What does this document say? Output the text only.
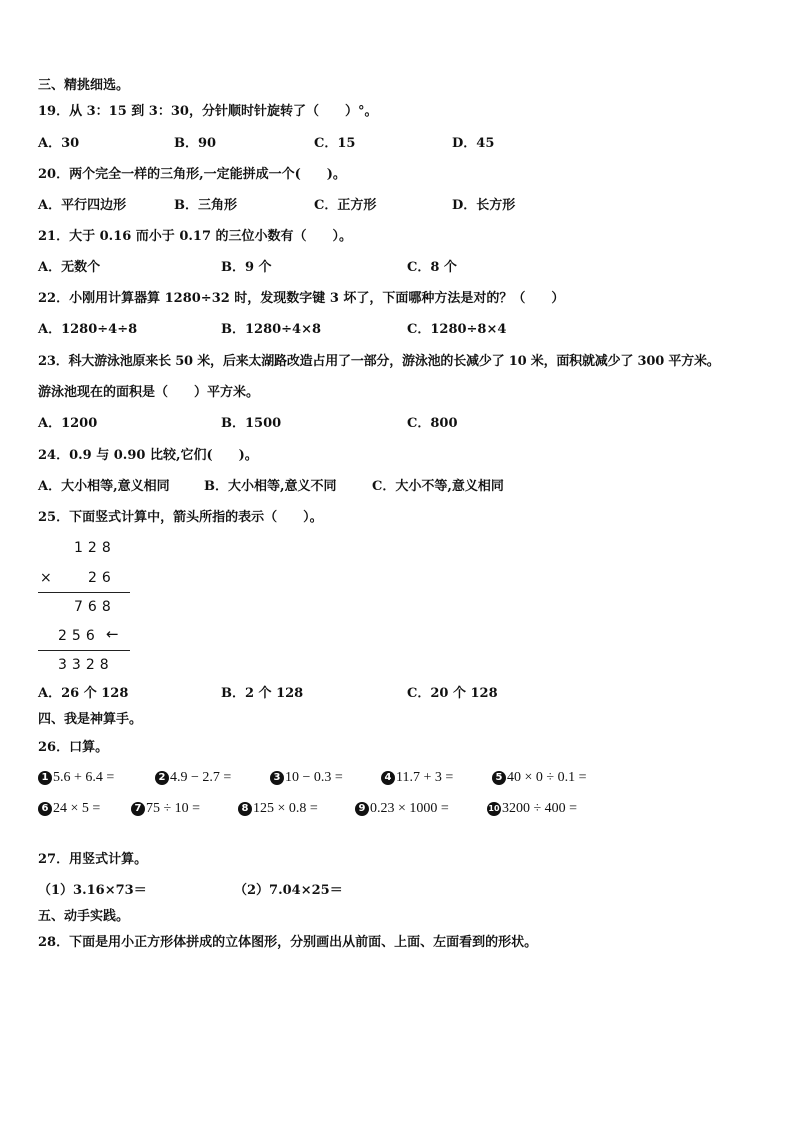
三、精挑细选。
19．从 3：15 到 3：30，分针顺时针旋转了（　　）°。
A．30	B．90	C．15	D．45
20．两个完全一样的三角形,一定能拼成一个(　　)。
A．平行四边形	B．三角形	C．正方形	D．长方形
21．大于 0.16 而小于 0.17 的三位小数有（　　）。
A．无数个	B．9 个	C．8 个
22．小刚用计算器算 1280÷32 时，发现数字键 3 坏了，下面哪种方法是对的？（　　）
A．1280÷4÷8	B．1280÷4×8	C．1280÷8×4
23．科大游泳池原来长 50 米，后来太湖路改造占用了一部分，游泳池的长减少了 10 米，面积就减少了 300 平方米。
游泳池现在的面积是（　　）平方米。
A．1200	B．1500	C．800
24．0.9 与 0.90 比较,它们(　　)。
A．大小相等,意义相同	B．大小相等,意义不同	C．大小不等,意义相同
25．下面竖式计算中，箭头所指的表示（　　）。
128
×	26
768
256 ←
3328
A．26 个 128	B．2 个 128	C．20 个 128
四、我是神算手。
26．口算。
1 5.6 + 6.4 =	2 4.9 − 2.7 =	3 10 − 0.3 =	4 11.7 + 3 =	5 40 × 0 ÷ 0.1 =
6 24 × 5 =	7 75 ÷ 10 =	8 125 × 0.8 =	9 0.23 × 1000 =	10 3200 ÷ 400 =
27．用竖式计算。
（1）3.16×73＝	（2）7.04×25＝
五、动手实践。
28．下面是用小正方形体拼成的立体图形，分别画出从前面、上面、左面看到的形状。
